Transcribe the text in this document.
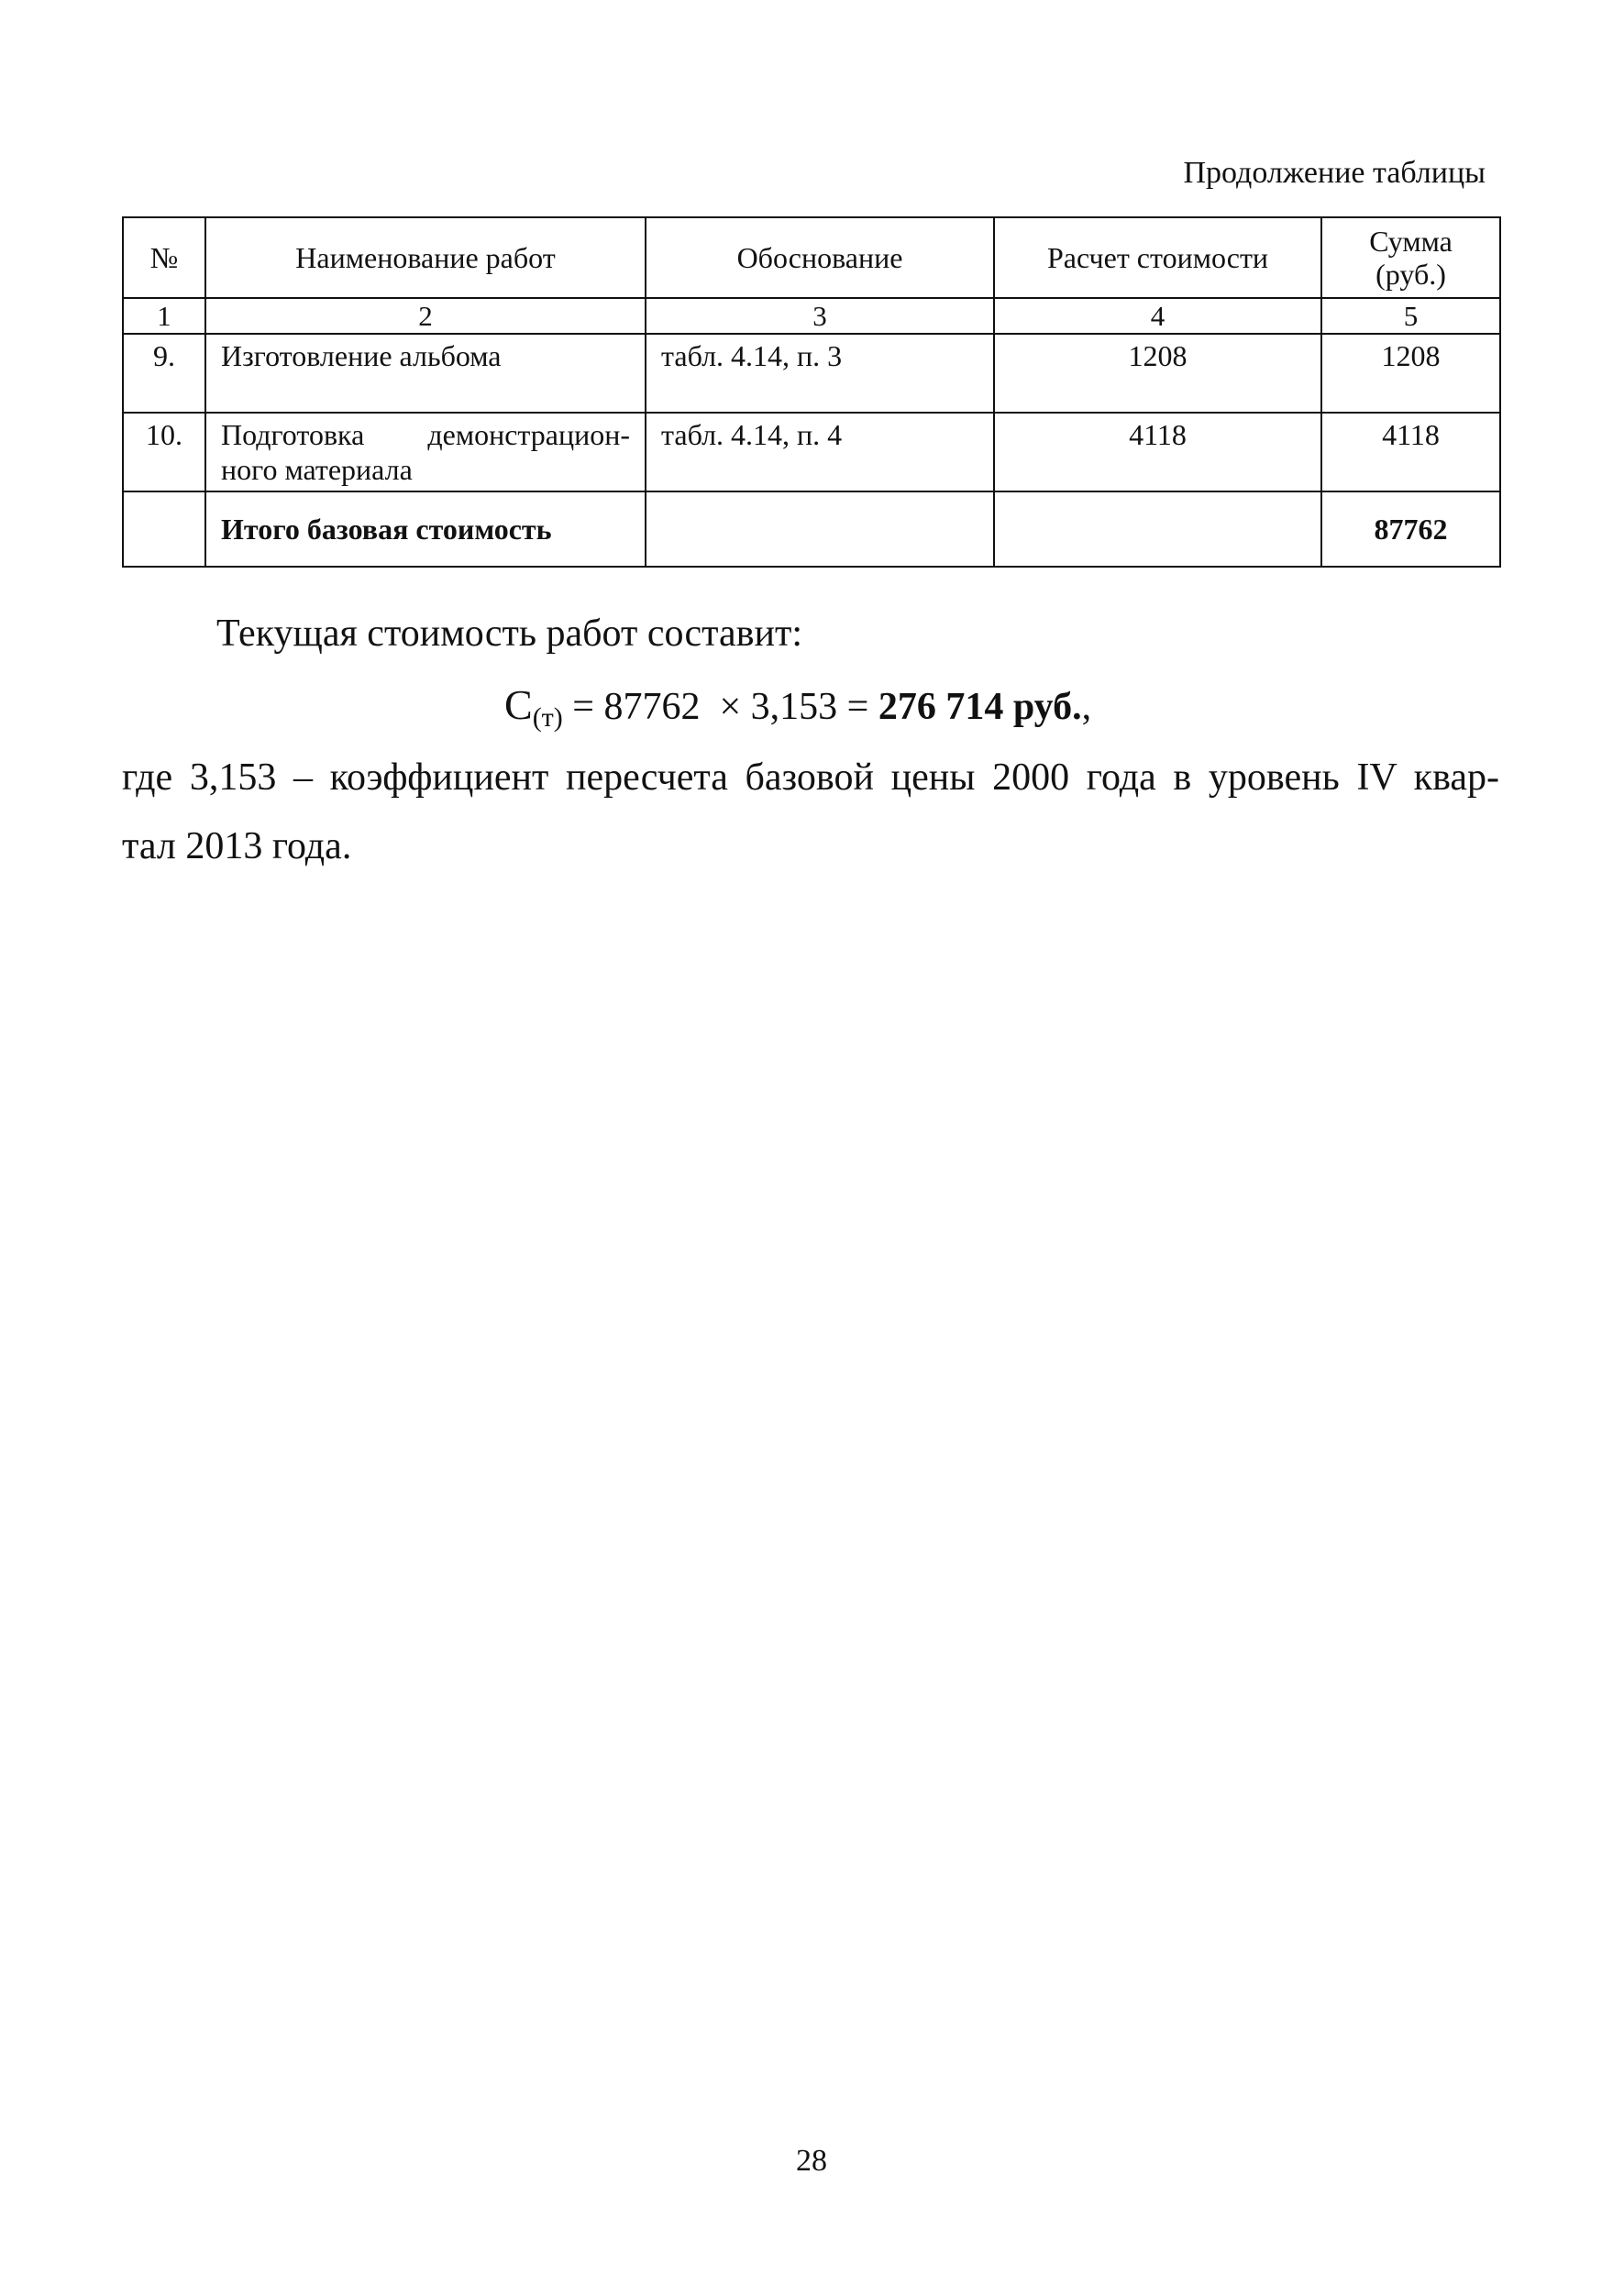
Продолжение таблицы
№	Наименование работ	Обоснование	Расчет стоимости	Сумма (руб.)
1	2	3	4	5
9.	Изготовление альбома	табл. 4.14, п. 3	1208	1208
10.	Подготовка демонстрацион- ного материала	табл. 4.14, п. 4	4118	4118
	Итого базовая стоимость			87762
Текущая стоимость работ составит:
$С_{(т)} = 87762 \times 3,153 = 276$ 714 руб.,
где 3,153 – коэффициент пересчета базовой цены 2000 года в уровень IV квар-
тал 2013 года.
28
